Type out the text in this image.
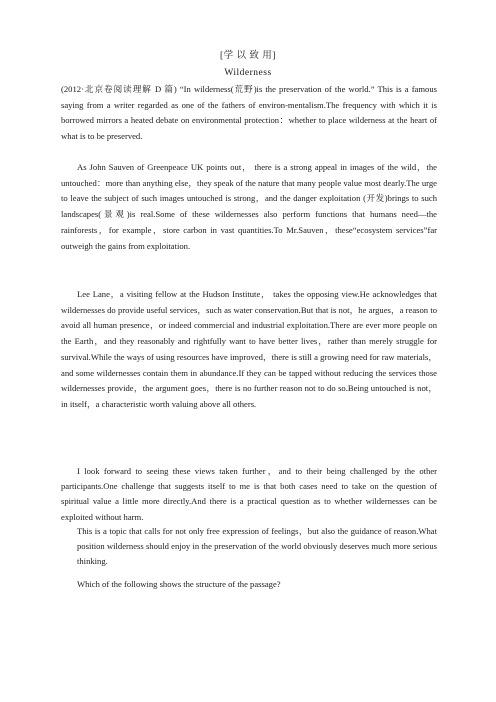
[学 以 致 用]
Wilderness

(2012·北京卷阅读理解 D 篇) “In wilderness(荒野)is the preservation of the world.” This is a famous saying from a writer regarded as one of the fathers of environ-mentalism.The frequency with which it is borrowed mirrors a heated debate on environmental protection：whether to place wilderness at the heart of what is to be preserved.

As John Sauven of Greenpeace UK points out， there is a strong appeal in images of the wild，the untouched：more than anything else，they speak of the nature that many people value most dearly.The urge to leave the subject of such images untouched is strong，and the danger exploitation (开发)brings to such landscapes(景观)is real.Some of these wildernesses also perform functions that humans need—the rainforests，for example，store carbon in vast quantities.To Mr.Sauven，these“ecosystem services”far outweigh the gains from exploitation.

Lee Lane，a visiting fellow at the Hudson Institute， takes the opposing view.He acknowledges that wildernesses do provide useful services，such as water conservation.But that is not，he argues，a reason to avoid all human presence，or indeed commercial and industrial exploitation.There are ever more people on the Earth，and they reasonably and rightfully want to have better lives，rather than merely struggle for survival.While the ways of using resources have improved，there is still a growing need for raw materials，and some wildernesses contain them in abundance.If they can be tapped without reducing the services those wildernesses provide，the argument goes，there is no further reason not to do so.Being untouched is not，in itself，a characteristic worth valuing above all others.

I look forward to seeing these views taken further，and to their being challenged by the other participants.One challenge that suggests itself to me is that both cases need to take on the question of spiritual value a little more directly.And there is a practical question as to whether wildernesses can be exploited without harm.

This is a topic that calls for not only free expression of feelings，but also the guidance of reason.What position wilderness should enjoy in the preservation of the world obviously deserves much more serious thinking.

Which of the following shows the structure of the passage?
